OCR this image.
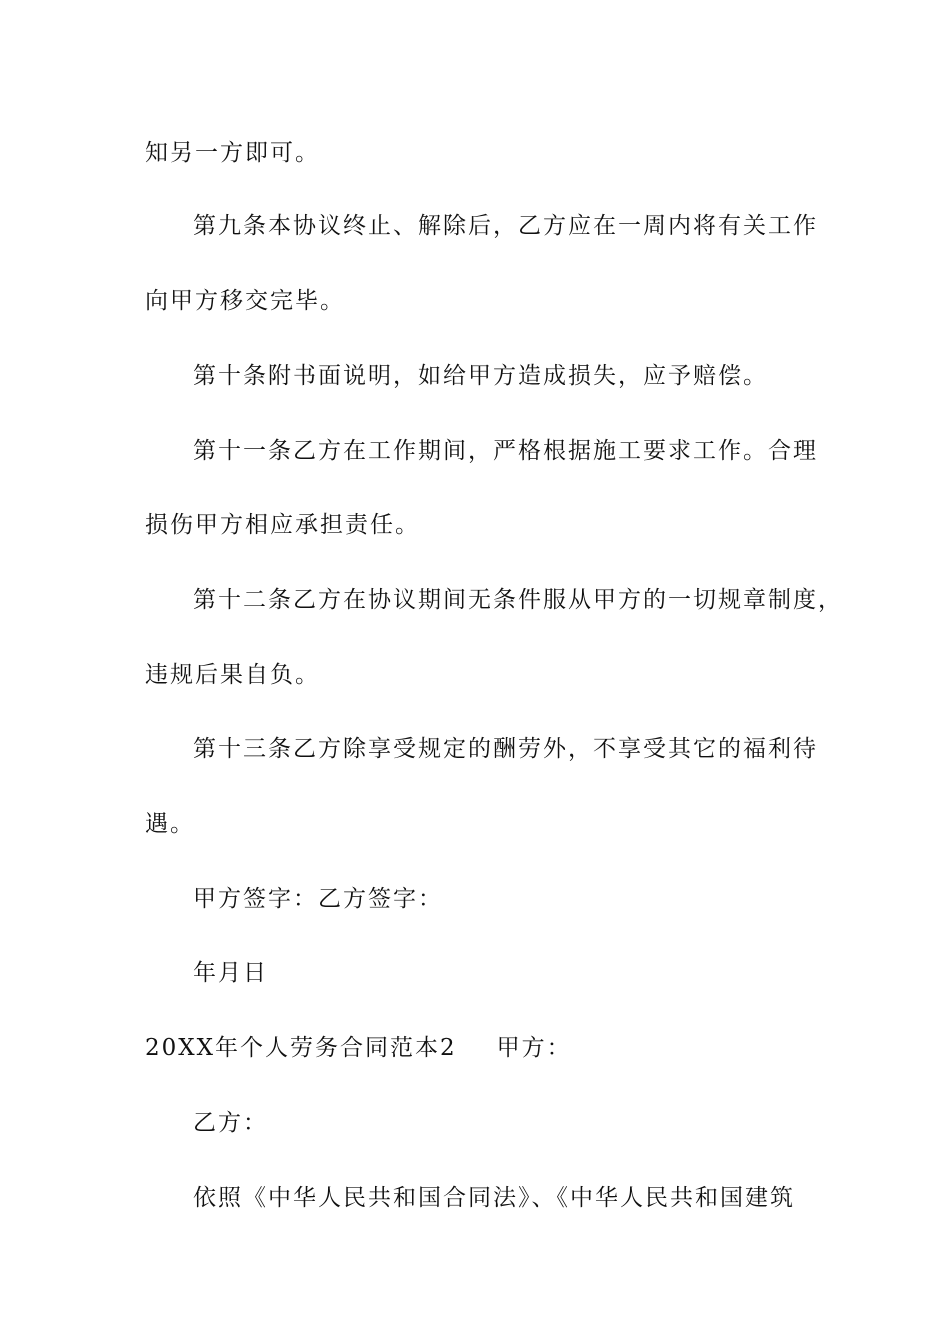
知另一方即可。
第九条本协议终止、解除后，乙方应在一周内将有关工作
向甲方移交完毕。
第十条附书面说明，如给甲方造成损失，应予赔偿。
第十一条乙方在工作期间，严格根据施工要求工作。合理
损伤甲方相应承担责任。
第十二条乙方在协议期间无条件服从甲方的一切规章制度，
违规后果自负。
第十三条乙方除享受规定的酬劳外，不享受其它的福利待
遇。
甲方签字：乙方签字：
年月日
20XX年个人劳务合同范本2 甲方：
乙方：
依照《中华人民共和国合同法》、《中华人民共和国建筑
